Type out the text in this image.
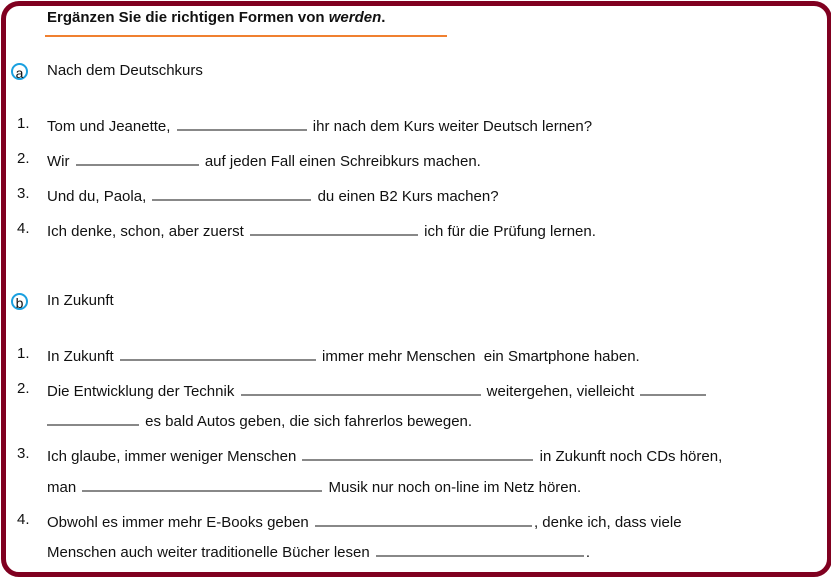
Ergänzen Sie die richtigen Formen von werden.
a	Nach dem Deutschkurs
1. Tom und Jeanette,	ihr nach dem Kurs weiter Deutsch lernen?
2. Wir	auf jeden Fall einen Schreibkurs machen.
3. Und du, Paola,	du einen B2 Kurs machen?
4. Ich denke, schon, aber zuerst	ich für die Prüfung lernen.
b	In Zukunft
1. In Zukunft	immer mehr Menschen  ein Smartphone haben.
2. Die Entwicklung der Technik	weitergehen, vielleicht
es bald Autos geben, die sich fahrerlos bewegen.
3. Ich glaube, immer weniger Menschen	in Zukunft noch CDs hören,
man	Musik nur noch on-line im Netz hören.
4. Obwohl es immer mehr E-Books geben	, denke ich, dass viele
Menschen auch weiter traditionelle Bücher lesen	.
